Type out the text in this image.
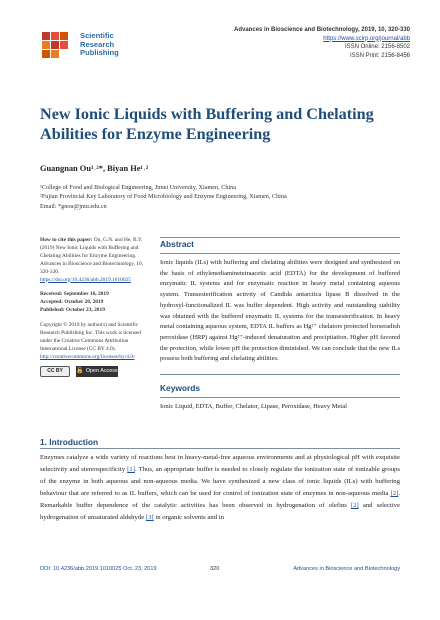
Scientific
Research
Publishing
Advances in Bioscience and Biotechnology, 2019, 10, 320-330
https://www.scirp.org/journal/abb
ISSN Online: 2156-8502
ISSN Print: 2156-8456
New Ionic Liquids with Buffering and Chelating Abilities for Enzyme Engineering
Guangnan Ou¹˒²*, Biyan He¹˒²
¹College of Food and Biological Engineering, Jimei University, Xiamen, China
²Fujian Provincial Key Laboratory of Food Microbiology and Enzyme Engineering, Xiamen, China
Email: *gnou@jmu.edu.cn
How to cite this paper: Ou, G.N. and He, B.Y. (2019) New Ionic Liquids with Buffering and Chelating Abilities for Enzyme Engineering. Advances in Bioscience and Biotechnology, 10, 320-330.
https://doi.org/10.4236/abb.2019.1010025
Received: September 16, 2019
Accepted: October 20, 2019
Published: October 23, 2019
Copyright © 2019 by author(s) and Scientific Research Publishing Inc. This work is licensed under the Creative Commons Attribution International License (CC BY 4.0).
http://creativecommons.org/licenses/by/4.0/
CC BY	🔓 Open Access
Abstract
Ionic liquids (ILs) with buffering and chelating abilities were designed and synthesized on the basis of ethylenediaminetetraacetic acid (EDTA) for the development of buffered enzymatic IL systems and for enzymatic reaction in heavy metal containing aqueous system. Transesterification activity of Candida antarctica lipase B dissolved in the hydroxyl-functionalized IL was buffer dependent. High activity and outstanding stability was obtained with the buffered enzymatic IL systems for the transesterification. In heavy metal containing aqueous system, EDTA IL buffers as Hg²⁺ chelators protected horseradish peroxidase (HRP) against Hg²⁺-induced denaturation and precipitation. Higher pH favored the protection, while lower pH the protection diminished. We can conclude that the new ILs possess both buffering and chelating abilities.
Keywords
Ionic Liquid, EDTA, Buffer, Chelator, Lipase, Peroxidase, Heavy Metal
1. Introduction
Enzymes catalyze a wide variety of reactions best in heavy-metal-free aqueous environments and at physiological pH with exquisite selectivity and stereospecificity [1]. Thus, an appropriate buffer is needed to closely regulate the ionization state of ionizable groups of the enzyme in both aqueous and non-aqueous media. We have synthesized a new class of ionic liquids (ILs) with buffering behaviour that are referred to as IL buffers, which can be used for control of ionization state of enzymes in non-aqueous media [2]. Remarkable buffer dependence of the catalytic activities has been observed in hydrogenation of olefins [2] and selective hydrogenation of unsaturated aldehyde [3] in organic solvents and in
DOI: 10.4236/abb.2019.1010025 Oct. 23, 2019	320	Advances in Bioscience and Biotechnology
